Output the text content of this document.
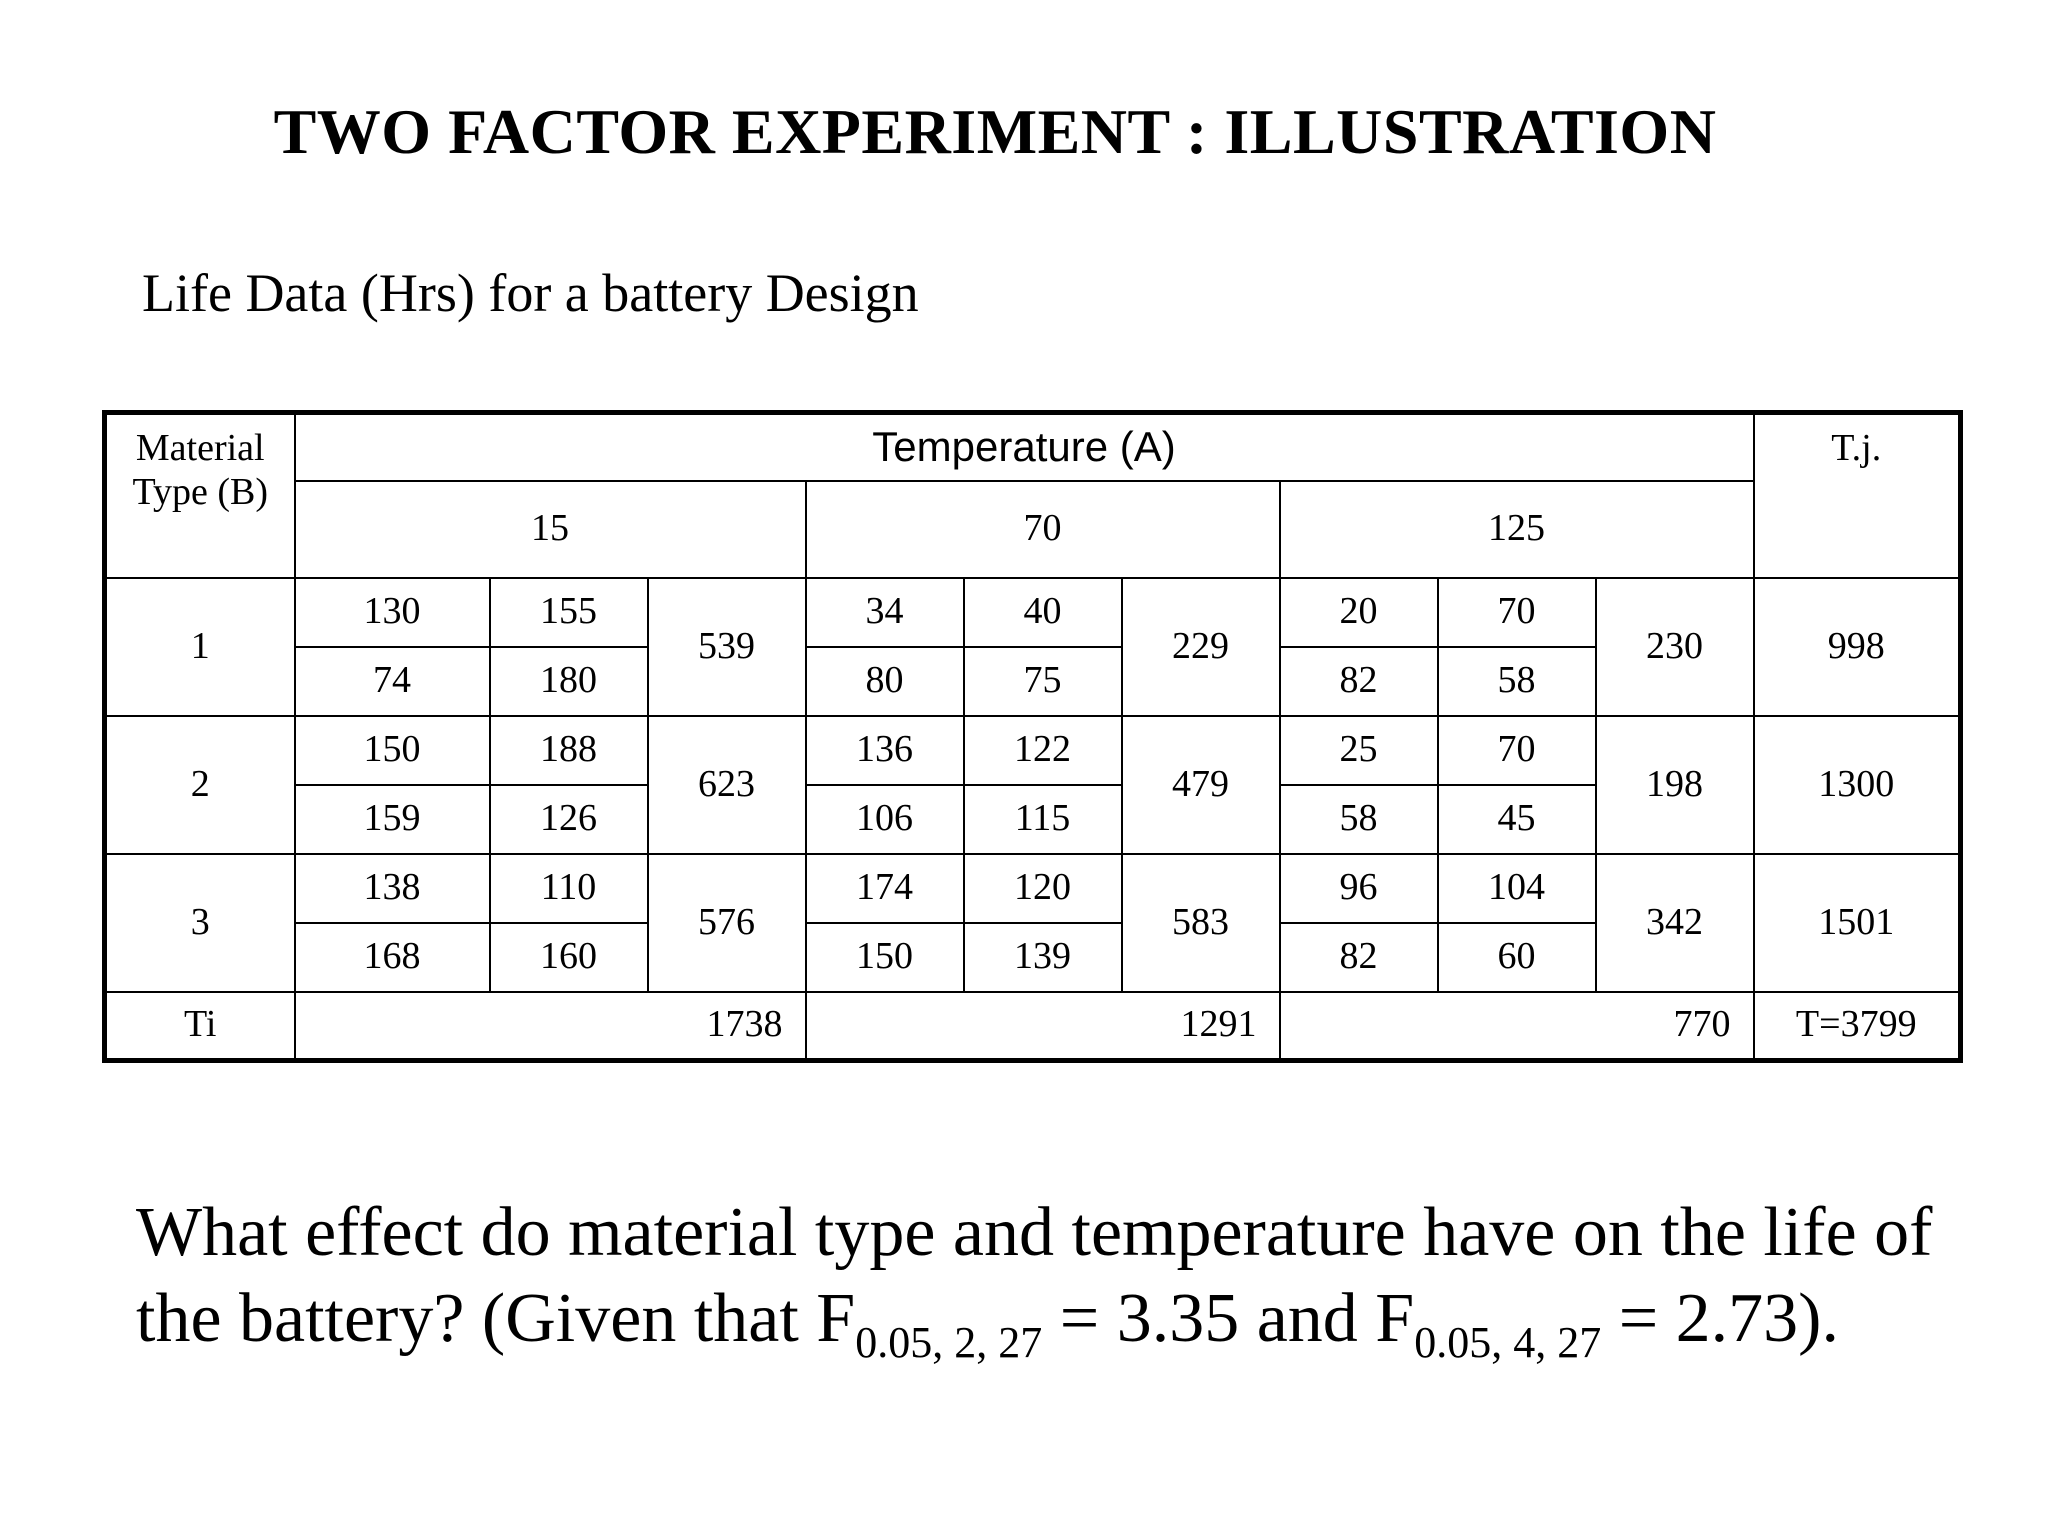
TWO FACTOR EXPERIMENT : ILLUSTRATION
Life Data (Hrs) for a battery Design
Material
Type (B)	Temperature (A)									T.j.
	15			70			125			
1	130	155	539	34	40	229	20	70	230	998
	74	180		80	75		82	58		
2	150	188	623	136	122	479	25	70	198	1300
	159	126		106	115		58	45		
3	138	110	576	174	120	583	96	104	342	1501
	168	160		150	139		82	60		
Ti	1738			1291			770			T=3799
What effect do material type and temperature have on the life of the battery? (Given that $F_{0.05, 2, 27} = 3.35$ and $F_{0.05, 4, 27} = 2.73$).
